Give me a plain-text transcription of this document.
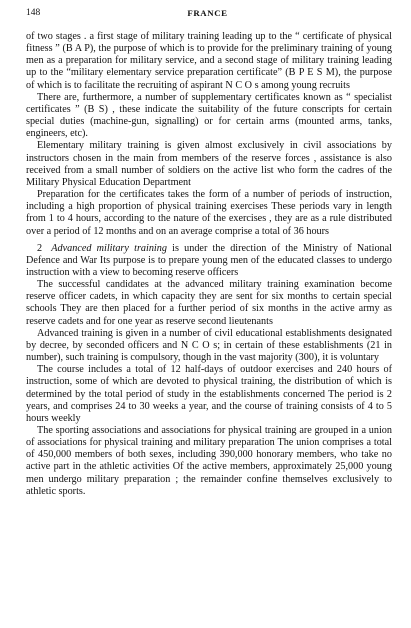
148	FRANCE

of two stages . a first stage of military training leading up to the “ certificate of physical fitness ” (B A P), the purpose of which is to provide for the preliminary training of young men as a preparation for military service, and a second stage of military training leading up to the “military elementary service preparation certificate” (B P E S M), the purpose of which is to facilitate the recruiting of aspirant N C O s among young recruits

There are, furthermore, a number of supplementary certificates known as “ specialist certificates ” (B S) , these indicate the suitability of the future conscripts for certain special duties (machine-gun, signalling) or for certain arms (mounted arms, tanks, engineers, etc).

Elementary military training is given almost exclusively in civil associations by instructors chosen in the main from members of the reserve forces , assistance is also received from a small number of soldiers on the active list who form the cadres of the Military Physical Education Department

Preparation for the certificates takes the form of a number of periods of instruction, including a high proportion of physical training exercises These periods vary in length from 1 to 4 hours, according to the nature of the exercises , they are as a rule distributed over a period of 12 months and on an average comprise a total of 36 hours

2 Advanced military training is under the direction of the Ministry of National Defence and War Its purpose is to prepare young men of the educated classes to undergo instruction with a view to becoming reserve officers

The successful candidates at the advanced military training examination become reserve officer cadets, in which capacity they are sent for six months to certain special schools They are then placed for a further period of six months in the active army as reserve cadets and for one year as reserve second lieutenants

Advanced training is given in a number of civil educational establishments designated by decree, by seconded officers and N C O s; in certain of these establishments (21 in number), such training is compulsory, though in the vast majority (300), it is voluntary

The course includes a total of 12 half-days of outdoor exercises and 240 hours of instruction, some of which are devoted to physical training, the distribution of which is determined by the total period of study in the establishments concerned The period is 2 years, and comprises 24 to 30 weeks a year, and the course of training consists of 4 to 5 hours weekly

The sporting associations and associations for physical training are grouped in a union of associations for physical training and military preparation The union comprises a total of 450,000 members of both sexes, including 390,000 honorary members, who take no active part in the athletic activities Of the active members, approximately 25,000 young men undergo military preparation ; the remainder confine themselves exclusively to athletic sports.
